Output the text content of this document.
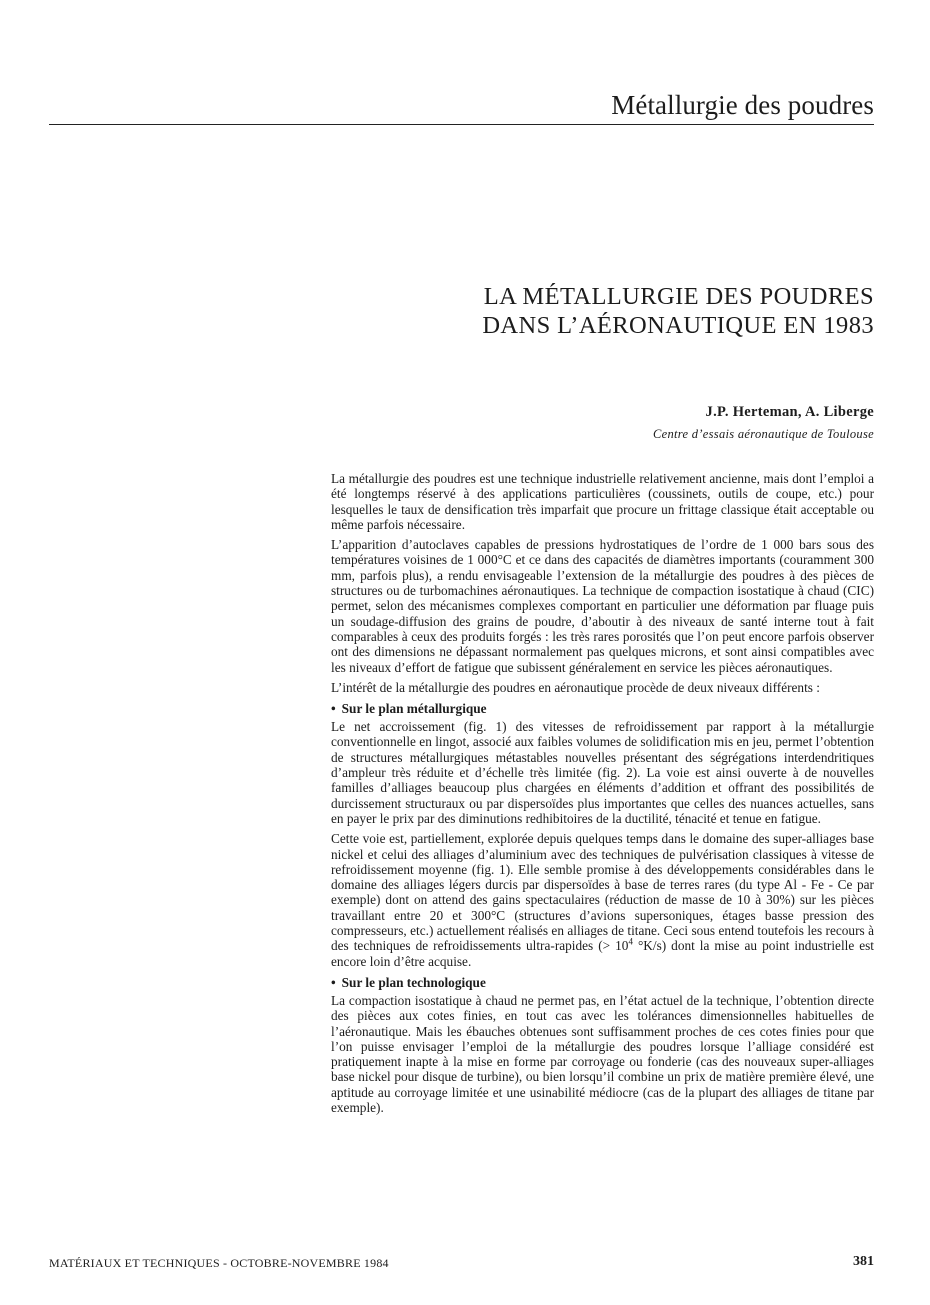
Métallurgie des poudres
LA MÉTALLURGIE DES POUDRES
DANS L’AÉRONAUTIQUE EN 1983
J.P. Herteman, A. Liberge
Centre d’essais aéronautique de Toulouse

La métallurgie des poudres est une technique industrielle relativement ancienne, mais dont l’emploi a été longtemps réservé à des applications particulières (coussinets, outils de coupe, etc.) pour lesquelles le taux de densification très imparfait que procure un frittage classique était acceptable ou même parfois nécessaire.

L’apparition d’autoclaves capables de pressions hydrostatiques de l’ordre de 1 000 bars sous des températures voisines de 1 000°C et ce dans des capacités de diamètres importants (couramment 300 mm, parfois plus), a rendu envisageable l’extension de la métallurgie des poudres à des pièces de structures ou de turbomachines aéronautiques. La technique de compaction isostatique à chaud (CIC) permet, selon des mécanismes complexes comportant en particulier une déformation par fluage puis un soudage-diffusion des grains de poudre, d’aboutir à des niveaux de santé interne tout à fait comparables à ceux des produits forgés : les très rares porosités que l’on peut encore parfois observer ont des dimensions ne dépassant normalement pas quelques microns, et sont ainsi compatibles avec les niveaux d’effort de fatigue que subissent généralement en service les pièces aéronautiques.

L’intérêt de la métallurgie des poudres en aéronautique procède de deux niveaux différents :

• Sur le plan métallurgique

Le net accroissement (fig. 1) des vitesses de refroidissement par rapport à la métallurgie conventionnelle en lingot, associé aux faibles volumes de solidification mis en jeu, permet l’obtention de structures métallurgiques métastables nouvelles présentant des ségrégations interdendritiques d’ampleur très réduite et d’échelle très limitée (fig. 2). La voie est ainsi ouverte à de nouvelles familles d’alliages beaucoup plus chargées en éléments d’addition et offrant des possibilités de durcissement structuraux ou par dispersoïdes plus importantes que celles des nuances actuelles, sans en payer le prix par des diminutions redhibitoires de la ductilité, ténacité et tenue en fatigue.

Cette voie est, partiellement, explorée depuis quelques temps dans le domaine des super-alliages base nickel et celui des alliages d’aluminium avec des techniques de pulvérisation classiques à vitesse de refroidissement moyenne (fig. 1). Elle semble promise à des développements considérables dans le domaine des alliages légers durcis par dispersoïdes à base de terres rares (du type Al - Fe - Ce par exemple) dont on attend des gains spectaculaires (réduction de masse de 10 à 30%) sur les pièces travaillant entre 20 et 300°C (structures d’avions supersoniques, étages basse pression des compresseurs, etc.) actuellement réalisés en alliages de titane. Ceci sous entend toutefois les recours à des techniques de refroidissements ultra-rapides (> $10^4$ °K/s) dont la mise au point industrielle est encore loin d’être acquise.

• Sur le plan technologique

La compaction isostatique à chaud ne permet pas, en l’état actuel de la technique, l’obtention directe des pièces aux cotes finies, en tout cas avec les tolérances dimensionnelles habituelles de l’aéronautique. Mais les ébauches obtenues sont suffisamment proches de ces cotes finies pour que l’on puisse envisager l’emploi de la métallurgie des poudres lorsque l’alliage considéré est pratiquement inapte à la mise en forme par corroyage ou fonderie (cas des nouveaux super-alliages base nickel pour disque de turbine), ou bien lorsqu’il combine un prix de matière première élevé, une aptitude au corroyage limitée et une usinabilité médiocre (cas de la plupart des alliages de titane par exemple).

MATÉRIAUX ET TECHNIQUES - OCTOBRE-NOVEMBRE 1984	381
